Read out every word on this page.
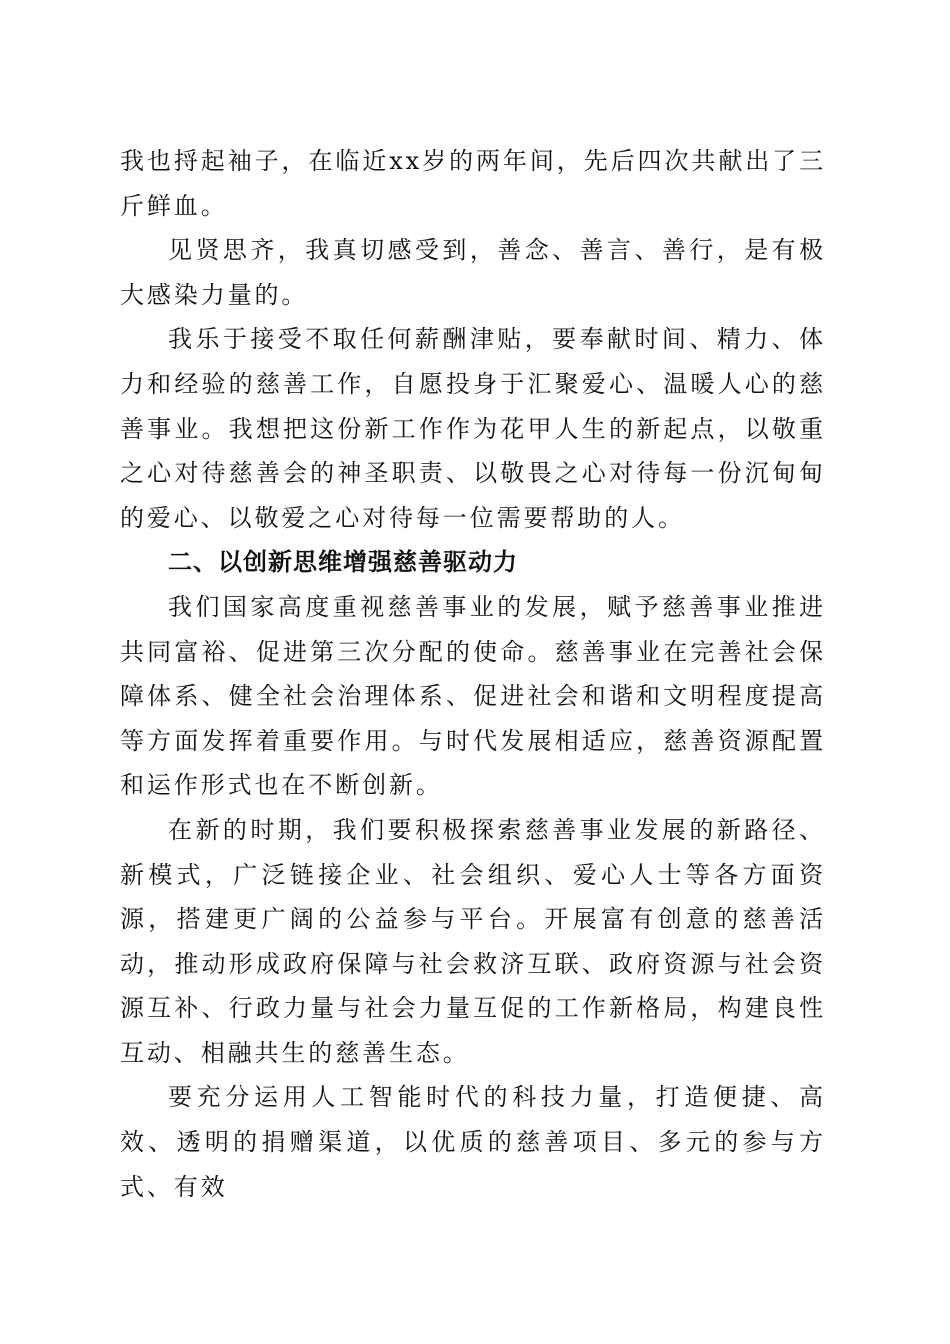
我也捋起袖子，在临近xx岁的两年间，先后四次共献出了三斤鲜血。

见贤思齐，我真切感受到，善念、善言、善行，是有极大感染力量的。

我乐于接受不取任何薪酬津贴，要奉献时间、精力、体力和经验的慈善工作，自愿投身于汇聚爱心、温暖人心的慈善事业。我想把这份新工作作为花甲人生的新起点，以敬重之心对待慈善会的神圣职责、以敬畏之心对待每一份沉甸甸的爱心、以敬爱之心对待每一位需要帮助的人。

二、以创新思维增强慈善驱动力

我们国家高度重视慈善事业的发展，赋予慈善事业推进共同富裕、促进第三次分配的使命。慈善事业在完善社会保障体系、健全社会治理体系、促进社会和谐和文明程度提高等方面发挥着重要作用。与时代发展相适应，慈善资源配置和运作形式也在不断创新。

在新的时期，我们要积极探索慈善事业发展的新路径、新模式，广泛链接企业、社会组织、爱心人士等各方面资源，搭建更广阔的公益参与平台。开展富有创意的慈善活动，推动形成政府保障与社会救济互联、政府资源与社会资源互补、行政力量与社会力量互促的工作新格局，构建良性互动、相融共生的慈善生态。

要充分运用人工智能时代的科技力量，打造便捷、高效、透明的捐赠渠道，以优质的慈善项目、多元的参与方式、有效
